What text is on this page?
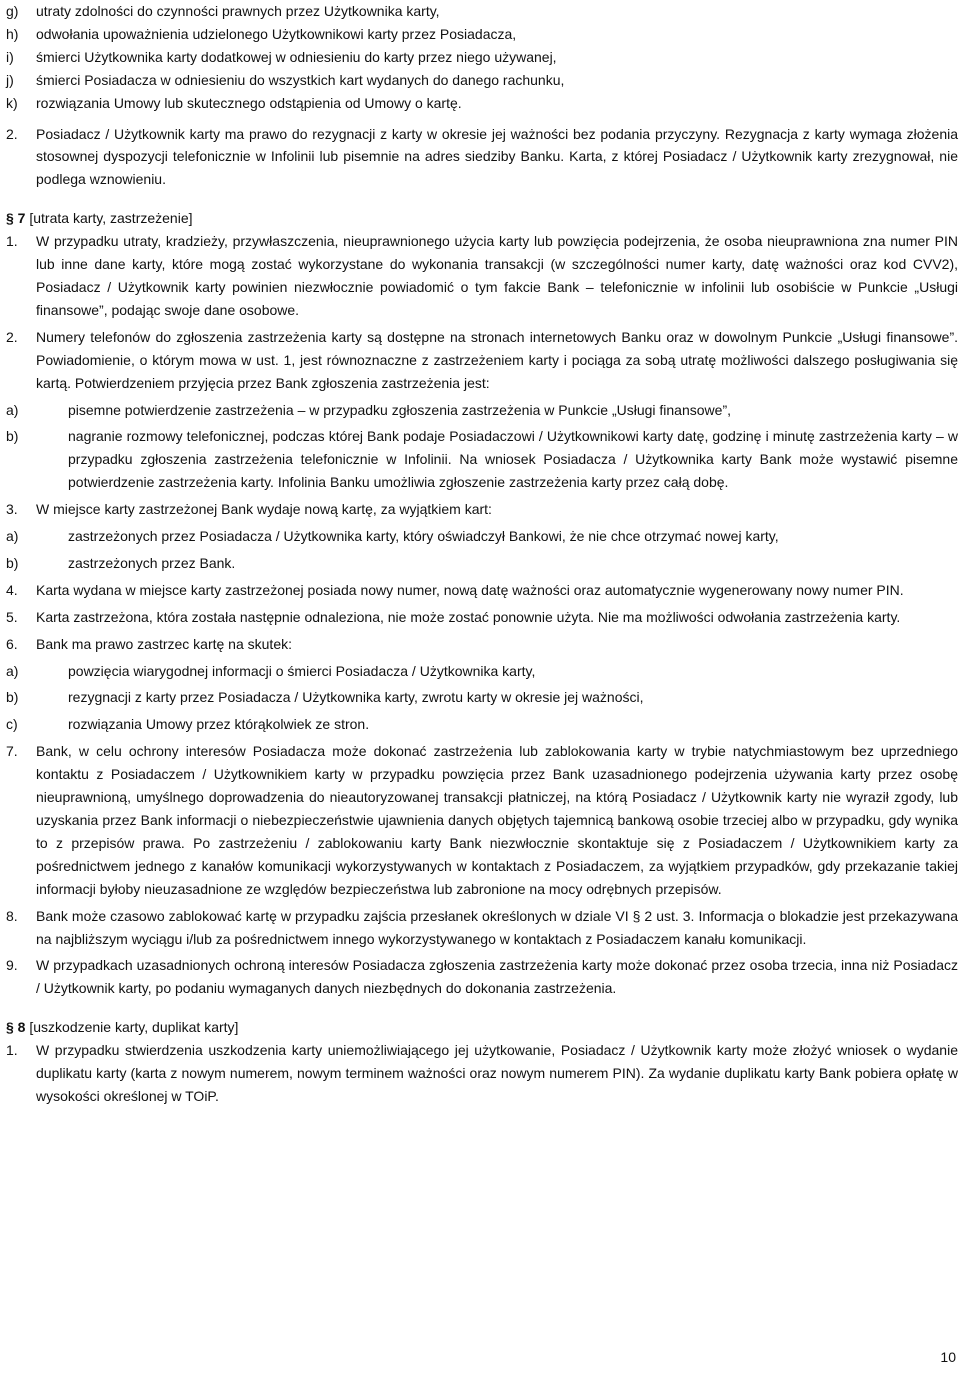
g) utraty zdolności do czynności prawnych przez Użytkownika karty,
h) odwołania upoważnienia udzielonego Użytkownikowi karty przez Posiadacza,
i) śmierci Użytkownika karty dodatkowej w odniesieniu do karty przez niego używanej,
j) śmierci Posiadacza w odniesieniu do wszystkich kart wydanych do danego rachunku,
k) rozwiązania Umowy lub skutecznego odstąpienia od Umowy o kartę.
2. Posiadacz / Użytkownik karty ma prawo do rezygnacji z karty w okresie jej ważności bez podania przyczyny. Rezygnacja z karty wymaga złożenia stosownej dyspozycji telefonicznie w Infolinii lub pisemnie na adres siedziby Banku. Karta, z której Posiadacz / Użytkownik karty zrezygnował, nie podlega wznowieniu.
§ 7 [utrata karty, zastrzeżenie]
1. W przypadku utraty, kradzieży, przywłaszczenia, nieuprawnionego użycia karty lub powzięcia podejrzenia, że osoba nieuprawniona zna numer PIN lub inne dane karty, które mogą zostać wykorzystane do wykonania transakcji (w szczególności numer karty, datę ważności oraz kod CVV2), Posiadacz / Użytkownik karty powinien niezwłocznie powiadomić o tym fakcie Bank – telefonicznie w infolinii lub osobiście w Punkcie „Usługi finansowe”, podając swoje dane osobowe.
2. Numery telefonów do zgłoszenia zastrzeżenia karty są dostępne na stronach internetowych Banku oraz w dowolnym Punkcie „Usługi finansowe”. Powiadomienie, o którym mowa w ust. 1, jest równoznaczne z zastrzeżeniem karty i pociąga za sobą utratę możliwości dalszego posługiwania się kartą. Potwierdzeniem przyjęcia przez Bank zgłoszenia zastrzeżenia jest:
a)	pisemne potwierdzenie zastrzeżenia – w przypadku zgłoszenia zastrzeżenia w Punkcie „Usługi finansowe”,
b)	nagranie rozmowy telefonicznej, podczas której Bank podaje Posiadaczowi / Użytkownikowi karty datę, godzinę i minutę zastrzeżenia karty – w przypadku zgłoszenia zastrzeżenia telefonicznie w Infolinii. Na wniosek Posiadacza / Użytkownika karty Bank może wystawić pisemne potwierdzenie zastrzeżenia karty. Infolinia Banku umożliwia zgłoszenie zastrzeżenia karty przez całą dobę.
3. W miejsce karty zastrzeżonej Bank wydaje nową kartę, za wyjątkiem kart:
a)	zastrzeżonych przez Posiadacza / Użytkownika karty, który oświadczył Bankowi, że nie chce otrzymać nowej karty,
b)	zastrzeżonych przez Bank.
4. Karta wydana w miejsce karty zastrzeżonej posiada nowy numer, nową datę ważności oraz automatycznie wygenerowany nowy numer PIN.
5. Karta zastrzeżona, która została następnie odnaleziona, nie może zostać ponownie użyta. Nie ma możliwości odwołania zastrzeżenia karty.
6. Bank ma prawo zastrzec kartę na skutek:
a)	powzięcia wiarygodnej informacji o śmierci Posiadacza / Użytkownika karty,
b)	rezygnacji z karty przez Posiadacza / Użytkownika karty, zwrotu karty w okresie jej ważności,
c)	rozwiązania Umowy przez którąkolwiek ze stron.
7. Bank, w celu ochrony interesów Posiadacza może dokonać zastrzeżenia lub zablokowania karty w trybie natychmiastowym bez uprzedniego kontaktu z Posiadaczem / Użytkownikiem karty w przypadku powzięcia przez Bank uzasadnionego podejrzenia używania karty przez osobę nieuprawnioną, umyślnego doprowadzenia do nieautoryzowanej transakcji płatniczej, na którą Posiadacz / Użytkownik karty nie wyraził zgody, lub uzyskania przez Bank informacji o niebezpieczeństwie ujawnienia danych objętych tajemnicą bankową osobie trzeciej albo w przypadku, gdy wynika to z przepisów prawa. Po zastrzeżeniu / zablokowaniu karty Bank niezwłocznie skontaktuje się z Posiadaczem / Użytkownikiem karty za pośrednictwem jednego z kanałów komunikacji wykorzystywanych w kontaktach z Posiadaczem, za wyjątkiem przypadków, gdy przekazanie takiej informacji byłoby nieuzasadnione ze względów bezpieczeństwa lub zabronione na mocy odrębnych przepisów.
8. Bank może czasowo zablokować kartę w przypadku zajścia przesłanek określonych w dziale VI § 2 ust. 3. Informacja o blokadzie jest przekazywana na najbliższym wyciągu i/lub za pośrednictwem innego wykorzystywanego w kontaktach z Posiadaczem kanału komunikacji.
9. W przypadkach uzasadnionych ochroną interesów Posiadacza zgłoszenia zastrzeżenia karty może dokonać przez osoba trzecia, inna niż Posiadacz / Użytkownik karty, po podaniu wymaganych danych niezbędnych do dokonania zastrzeżenia.
§ 8 [uszkodzenie karty, duplikat karty]
1. W przypadku stwierdzenia uszkodzenia karty uniemożliwiającego jej użytkowanie, Posiadacz / Użytkownik karty może złożyć wniosek o wydanie duplikatu karty (karta z nowym numerem, nowym terminem ważności oraz nowym numerem PIN). Za wydanie duplikatu karty Bank pobiera opłatę w wysokości określonej w TOiP.
10
